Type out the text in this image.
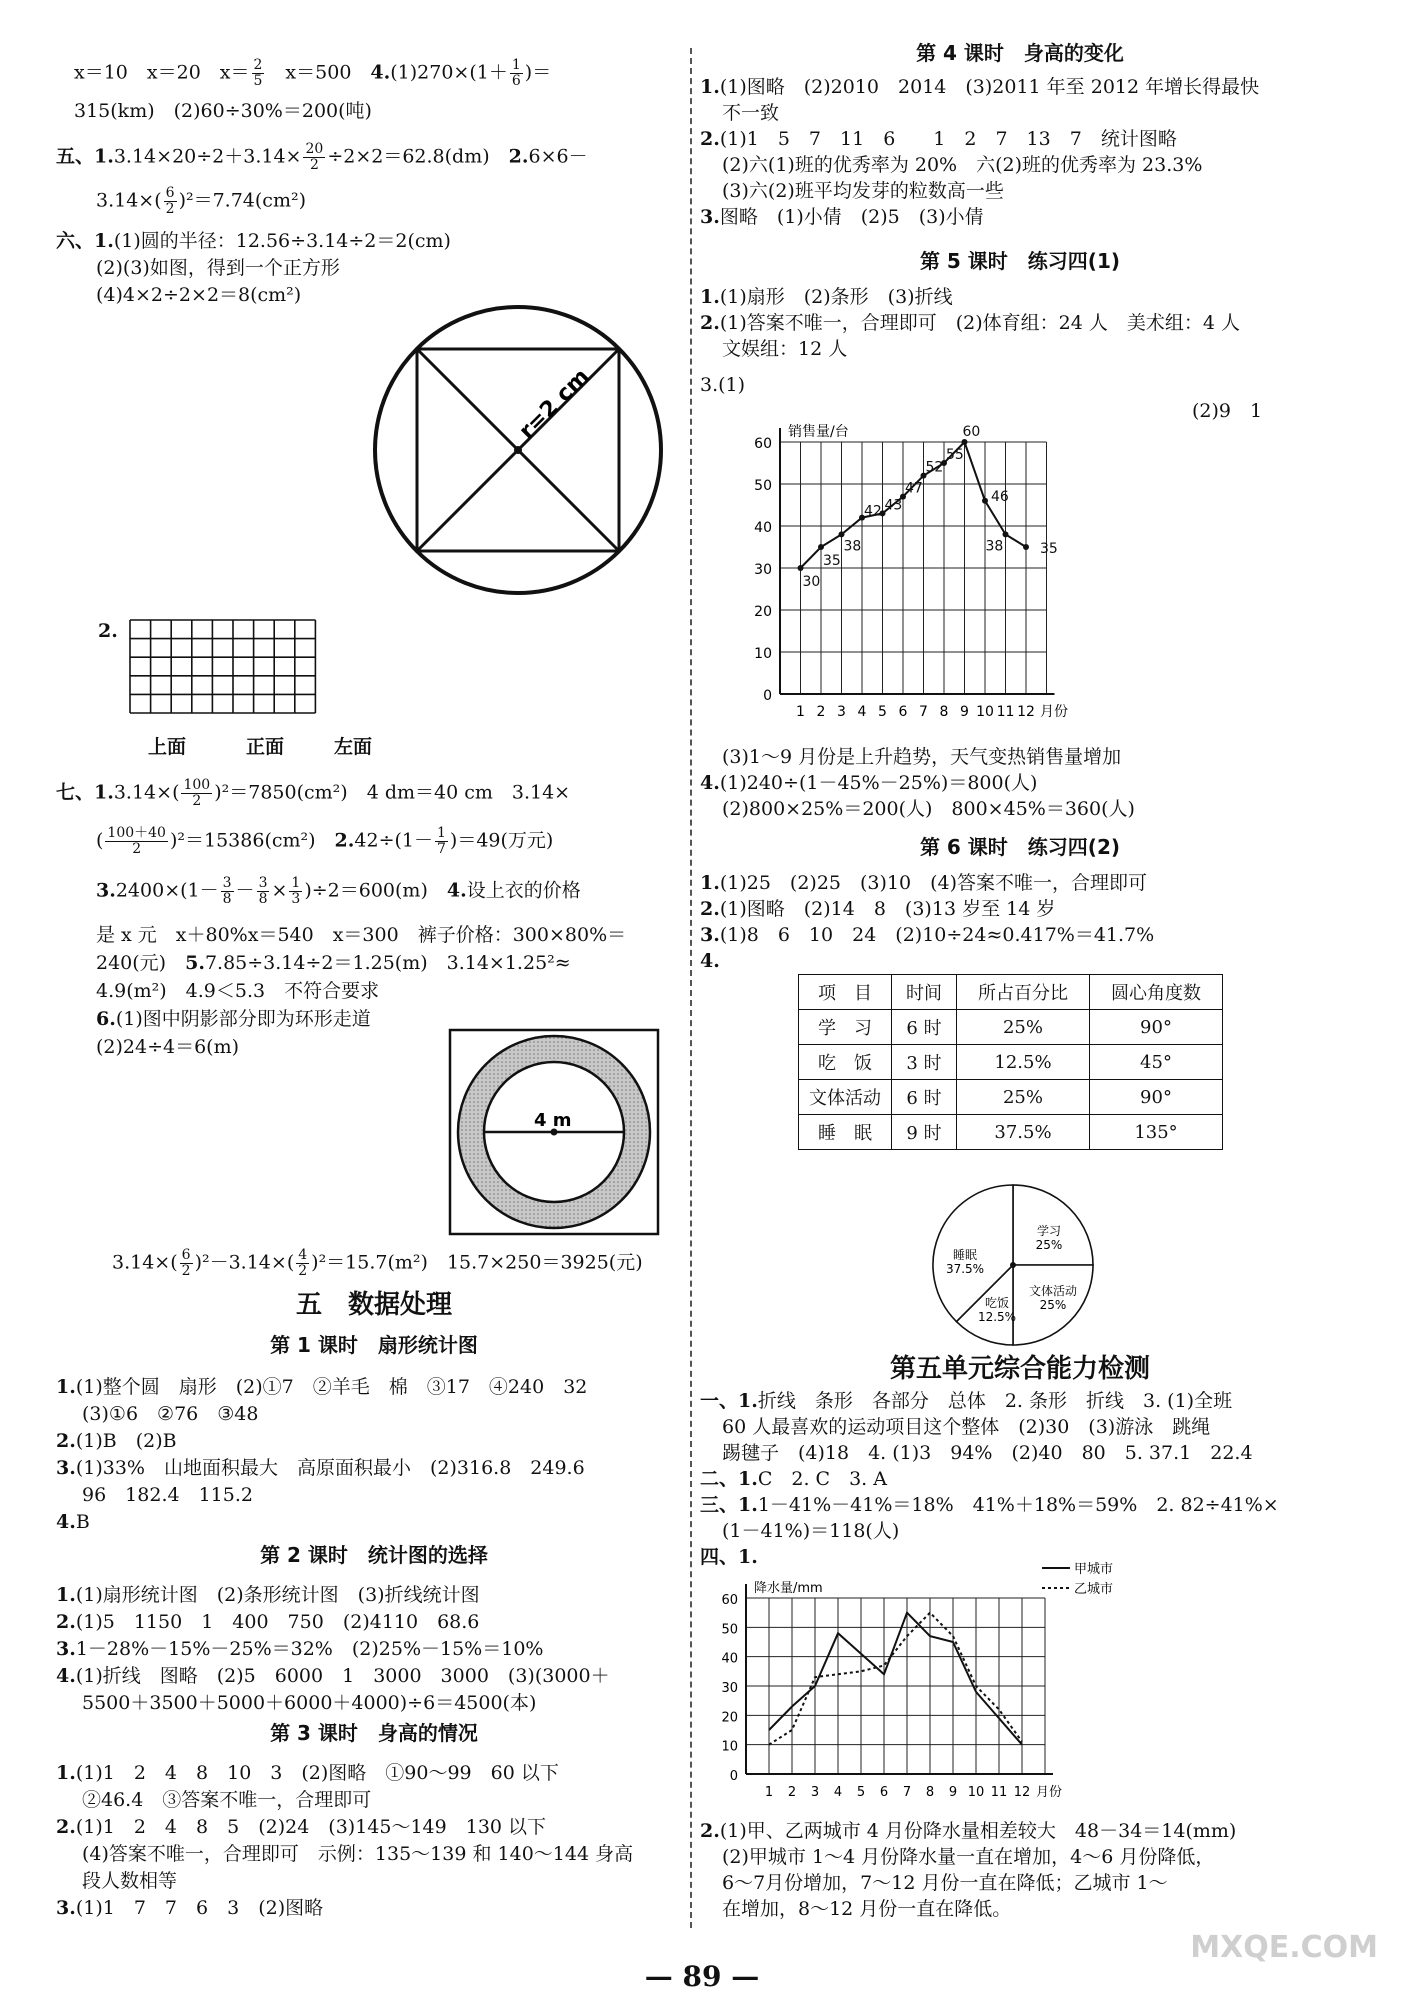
x＝10　x＝20　$x= \frac{2}{5}$ 　x＝500　$4.(1)270\times(1+ \frac{1}{6}$ )＝
315(km)　(2)60÷30%＝200(吨)
五、$1.3.14\times 20\div 2+3.14\times \frac{20}{2} \div 2\times 2=62.8(dm)$　2.6×6－
$3.14\times( \frac{6}{2} )^2=7.74(cm^2)$
六、1.(1)圆的半径：12.56÷3.14÷2＝2(cm)
(2)(3)如图，得到一个正方形
(4)4×2÷2×2＝8(cm²)
r=2 cm
2.
上面	正面	左面
七、$1.3.14\times( \frac{100}{2} )^2=7850(cm^2)$　4 dm＝40 cm　3.14×
( $\frac{100+40}{2} )^2=15386(cm^2)$　$2.42\div(1- \frac{1}{7} )=49$(万元)
$3.2400\times(1- \frac{3}{8} - \frac{3}{8} \times \frac{1}{3} )\div 2=600(m)$　4.设上衣的价格
是 x 元　x＋80%x＝540　x＝300　裤子价格：300×80%＝
240(元)　5.7.85÷3.14÷2＝1.25(m)　3.14×1.25²≈
4.9(m²)　4.9＜5.3　不符合要求
6.(1)图中阴影部分即为环形走道
(2)24÷4＝6(m)
4 m
$3.14\times( \frac{6}{2} )^2-3.14\times( \frac{4}{2} )^2=15.7(m^2)$　15.7×250＝3925(元)
五　数据处理
第 1 课时　扇形统计图
1.(1)整个圆　扇形　(2)①7　②羊毛　棉　③17　④240　32
(3)①6　②76　③48
2.(1)B　(2)B
3.(1)33%　山地面积最大　高原面积最小　(2)316.8　249.6
96　182.4　115.2
4.B
第 2 课时　统计图的选择
1.(1)扇形统计图　(2)条形统计图　(3)折线统计图
2.(1)5　1150　1　400　750　(2)4110　68.6
3.1－28%－15%－25%＝32%　(2)25%－15%＝10%
4.(1)折线　图略　(2)5　6000　1　3000　3000　(3)(3000＋
5500＋3500＋5000＋6000＋4000)÷6＝4500(本)
第 3 课时　身高的情况
1.(1)1　2　4　8　10　3　(2)图略　①90～99　60 以下
②46.4　③答案不唯一，合理即可
2.(1)1　2　4　8　5　(2)24　(3)145～149　130 以下
(4)答案不唯一，合理即可　示例：135～139 和 140～144 身高
段人数相等
3.(1)1　7　7　6　3　(2)图略
第 4 课时　身高的变化
1.(1)图略　(2)2010　2014　(3)2011 年至 2012 年增长得最快
不一致
2.(1)1　5　7　11　6　　1　2　7　13　7　统计图略
(2)六(1)班的优秀率为 20%　六(2)班的优秀率为 23.3%
(3)六(2)班平均发芽的粒数高一些
3.图略　(1)小倩　(2)5　(3)小倩
第 5 课时　练习四(1)
1.(1)扇形　(2)条形　(3)折线
2.(1)答案不唯一，合理即可　(2)体育组：24 人　美术组：4 人
文娱组：12 人
3.(1)
(2)9　1
0
10
20
30
40
50
60
1 2 3 4 5 6 7 8 9 10 11 12 月份
销售量/台
30
35
38
42 43
47
52
55
60
46
38	35
(3)1～9 月份是上升趋势，天气变热销售量增加
4.(1)240÷(1－45%－25%)＝800(人)
(2)800×25%＝200(人)　800×45%＝360(人)
第 6 课时　练习四(2)
1.(1)25　(2)25　(3)10　(4)答案不唯一，合理即可
2.(1)图略　(2)14　8　(3)13 岁至 14 岁
3.(1)8　6　10　24　(2)10÷24≈0.417%＝41.7%
4.
项　目	时间	所占百分比	圆心角度数
学　习	6 时	25%	90°
吃　饭	3 时	12.5%	45°
文体活动	6 时	25%	90°
睡　眠	9 时	37.5%	135°
学习
25%
文体活动
25%
吃饭
12.5%
睡眠
37.5%
第五单元综合能力检测
一、1.折线　条形　各部分　总体　2. 条形　折线　3. (1)全班
60 人最喜欢的运动项目这个整体　(2)30　(3)游泳　跳绳
踢毽子　(4)18　4. (1)3　94%　(2)40　80　5. 37.1　22.4
二、1.C　2. C　3. A
三、1.1－41%－41%＝18%　41%＋18%＝59%　2. 82÷41%×
(1－41%)＝118(人)
四、1.
0
10
20
30
40
50
60
1 2 3 4 5 6 7 8 9 10 11 12 月份
降水量/mm
甲城市
乙城市
2.(1)甲、乙两城市 4 月份降水量相差较大　48－34＝14(mm)
(2)甲城市 1～4 月份降水量一直在增加，4～6 月份降低，
6～7月份增加，7～12 月份一直在降低；乙城市 1～
在增加，8～12 月份一直在降低。
— 89 —
MXQE.COM
